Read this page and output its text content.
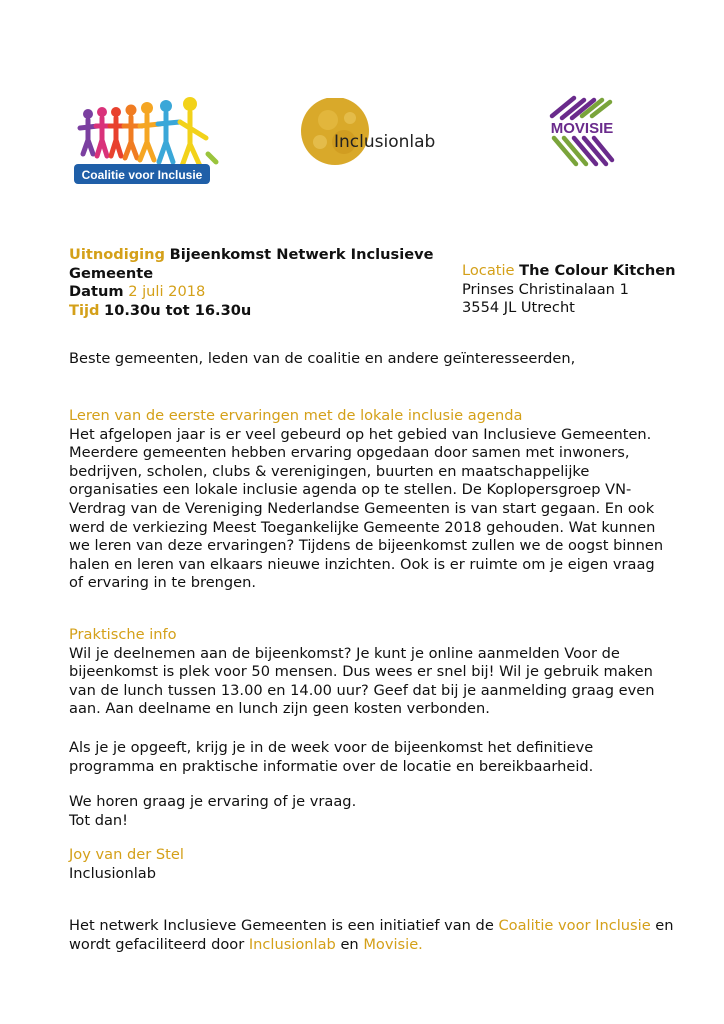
Coalitie voor Inclusie
Inclusionlab
MOVISIE
Uitnodiging Bijeenkomst Netwerk Inclusieve
Gemeente
Datum 2 juli 2018
Tijd 10.30u tot 16.30u
Locatie The Colour Kitchen
Prinses Christinalaan 1
3554 JL Utrecht
Beste gemeenten, leden van de coalitie en andere geïnteresseerden,
Leren van de eerste ervaringen met de lokale inclusie agenda
Het afgelopen jaar is er veel gebeurd op het gebied van Inclusieve Gemeenten.
Meerdere gemeenten hebben ervaring opgedaan door samen met inwoners,
bedrijven, scholen, clubs & verenigingen, buurten en maatschappelijke
organisaties een lokale inclusie agenda op te stellen. De Koplopersgroep VN-
Verdrag van de Vereniging Nederlandse Gemeenten is van start gegaan. En ook
werd de verkiezing Meest Toegankelijke Gemeente 2018 gehouden. Wat kunnen
we leren van deze ervaringen? Tijdens de bijeenkomst zullen we de oogst binnen
halen en leren van elkaars nieuwe inzichten. Ook is er ruimte om je eigen vraag
of ervaring in te brengen.
Praktische info
Wil je deelnemen aan de bijeenkomst? Je kunt je online aanmelden Voor de
bijeenkomst is plek voor 50 mensen. Dus wees er snel bij! Wil je gebruik maken
van de lunch tussen 13.00 en 14.00 uur? Geef dat bij je aanmelding graag even
aan. Aan deelname en lunch zijn geen kosten verbonden.
Als je je opgeeft, krijg je in de week voor de bijeenkomst het definitieve
programma en praktische informatie over de locatie en bereikbaarheid.
We horen graag je ervaring of je vraag.
Tot dan!
Joy van der Stel
Inclusionlab
Het netwerk Inclusieve Gemeenten is een initiatief van de Coalitie voor Inclusie en
wordt gefaciliteerd door Inclusionlab en Movisie.
